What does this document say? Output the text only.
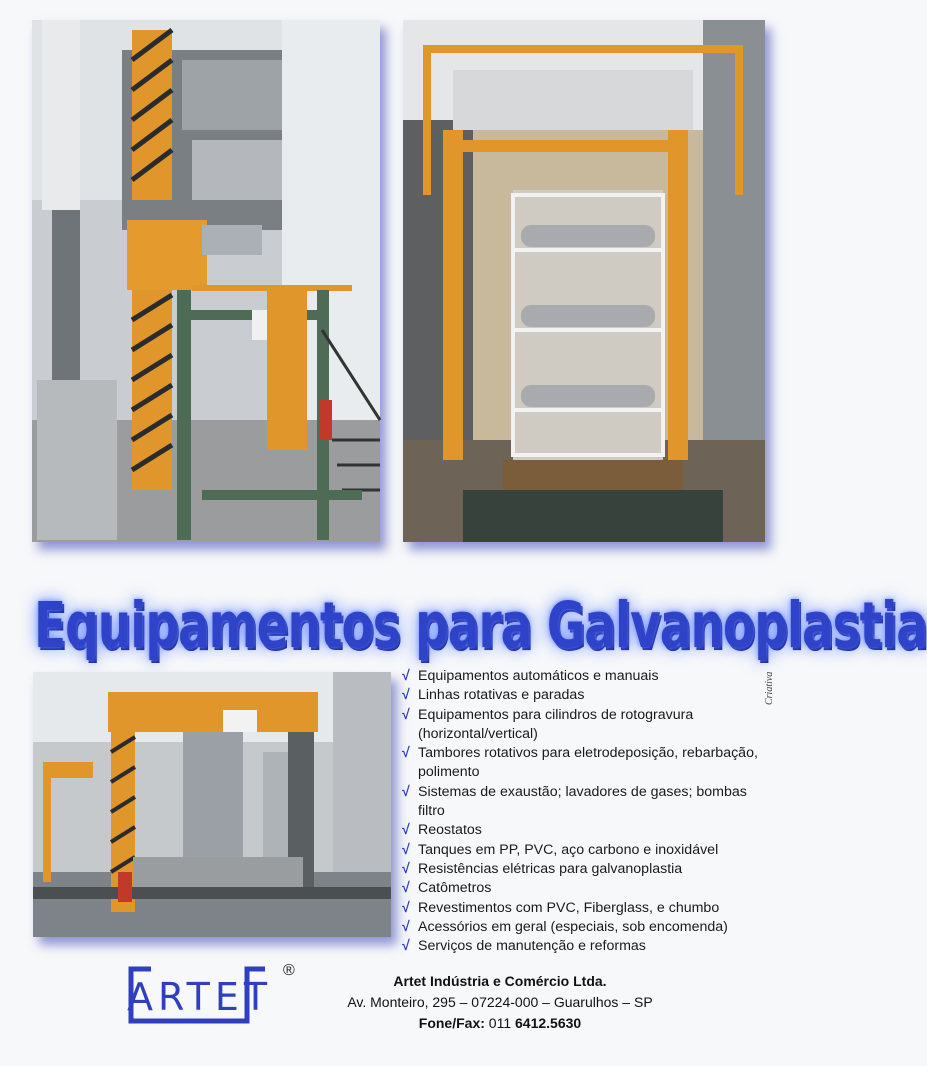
Equipamentos para Galvanoplastia
√ Equipamentos automáticos e manuais
√ Linhas rotativas e paradas
√ Equipamentos para cilindros de rotogravura (horizontal/vertical)
√ Tambores rotativos para eletrodeposição, rebarbação, polimento
√ Sistemas de exaustão; lavadores de gases; bombas filtro
√ Reostatos
√ Tanques em PP, PVC, aço carbono e inoxidável
√ Resistências elétricas para galvanoplastia
√ Catômetros
√ Revestimentos com PVC, Fiberglass, e chumbo
√ Acessórios em geral (especiais, sob encomenda)
√ Serviços de manutenção e reformas
Criativa
ARTET
®
Artet Indústria e Comércio Ltda.
Av. Monteiro, 295 – 07224-000 – Guarulhos – SP
Fone/Fax: 011 6412.5630
